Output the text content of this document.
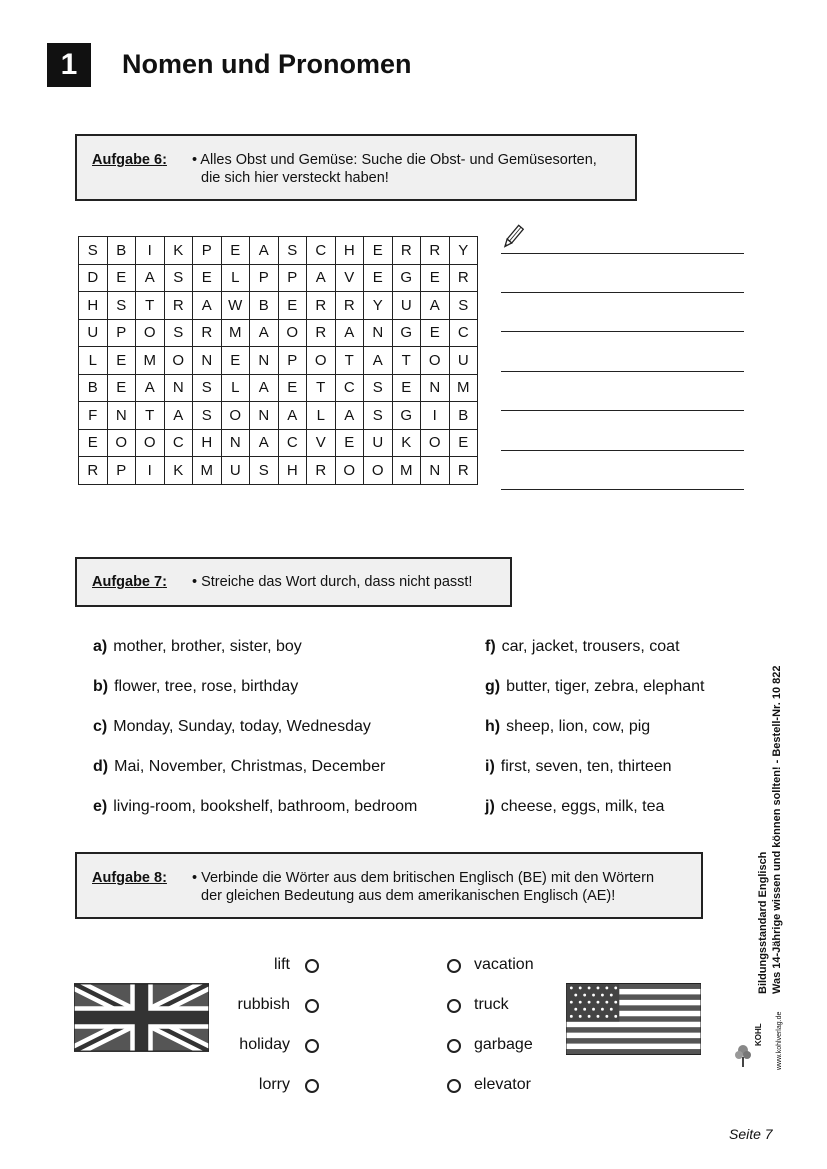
1	Nomen und Pronomen
Aufgabe 6: • Alles Obst und Gemüse: Suche die Obst- und Gemüsesorten,
die sich hier versteckt haben!
S	B	I	K	P	E	A	S	C	H	E	R	R	Y
D	E	A	S	E	L	P	P	A	V	E	G	E	R
H	S	T	R	A	W	B	E	R	R	Y	U	A	S
U	P	O	S	R	M	A	O	R	A	N	G	E	C
L	E	M	O	N	E	N	P	O	T	A	T	O	U
B	E	A	N	S	L	A	E	T	C	S	E	N	M
F	N	T	A	S	O	N	A	L	A	S	G	I	B
E	O	O	C	H	N	A	C	V	E	U	K	O	E
R	P	I	K	M	U	S	H	R	O	O	M	N	R
Aufgabe 7: • Streiche das Wort durch, dass nicht passt!
a) mother, brother, sister, boy
b) flower, tree, rose, birthday
c) Monday, Sunday, today, Wednesday
d) Mai, November, Christmas, December
e) living-room, bookshelf, bathroom, bedroom
f) car, jacket, trousers, coat
g) butter, tiger, zebra, elephant
h) sheep, lion, cow, pig
i) first, seven, ten, thirteen
j) cheese, eggs, milk, tea
Aufgabe 8: • Verbinde die Wörter aus dem britischen Englisch (BE) mit den Wörtern
der gleichen Bedeutung aus dem amerikanischen Englisch (AE)!
lift
rubbish
holiday
lorry
vacation
truck
garbage
elevator
Bildungsstandard Englisch Was 14-Jährige wissen und können sollten! - Bestell-Nr. 10 822
KOHL www.kohlverlag.de
Seite 7
